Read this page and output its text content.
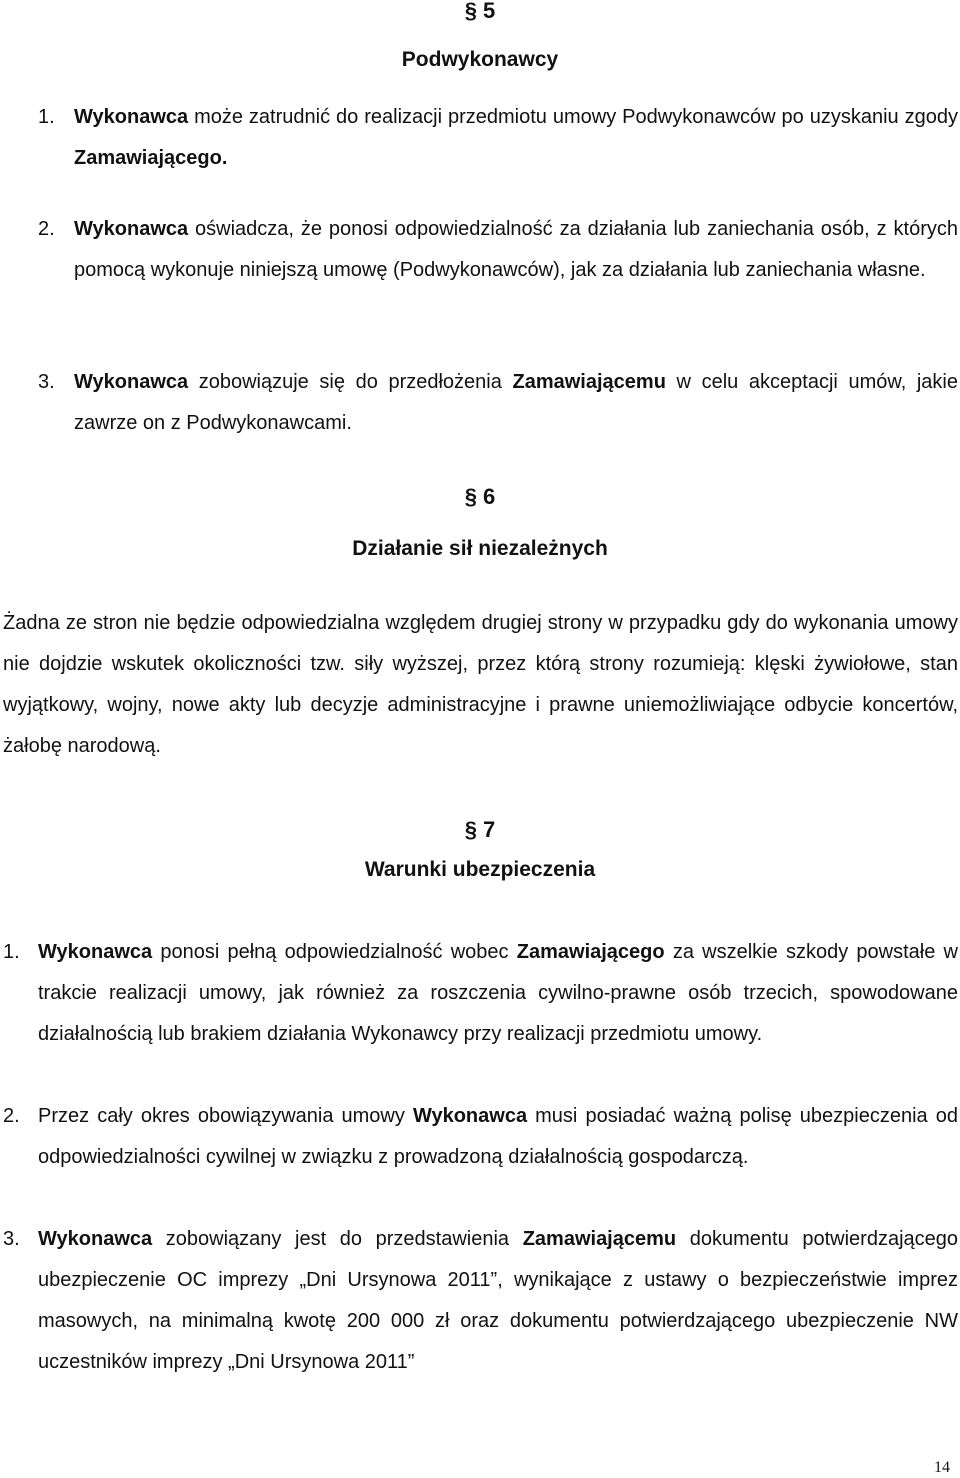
§ 5
Podwykonawcy
1. Wykonawca może zatrudnić do realizacji przedmiotu umowy Podwykonawców po uzyskaniu zgody Zamawiającego.
2. Wykonawca oświadcza, że ponosi odpowiedzialność za działania lub zaniechania osób, z których pomocą wykonuje niniejszą umowę (Podwykonawców), jak za działania lub zaniechania własne.
3. Wykonawca zobowiązuje się do przedłożenia Zamawiającemu w celu akceptacji umów, jakie zawrze on z Podwykonawcami.
§ 6
Działanie sił niezależnych
Żadna ze stron nie będzie odpowiedzialna względem drugiej strony w przypadku gdy do wykonania umowy nie dojdzie wskutek okoliczności tzw. siły wyższej, przez którą strony rozumieją: klęski żywiołowe, stan wyjątkowy, wojny, nowe akty lub decyzje administracyjne i prawne uniemożliwiające odbycie koncertów, żałobę narodową.
§ 7
Warunki ubezpieczenia
1. Wykonawca ponosi pełną odpowiedzialność wobec Zamawiającego za wszelkie szkody powstałe w trakcie realizacji umowy, jak również za roszczenia cywilno-prawne osób trzecich, spowodowane działalnością lub brakiem działania Wykonawcy przy realizacji przedmiotu umowy.
2. Przez cały okres obowiązywania umowy Wykonawca musi posiadać ważną polisę ubezpieczenia od odpowiedzialności cywilnej w związku z prowadzoną działalnością gospodarczą.
3. Wykonawca zobowiązany jest do przedstawienia Zamawiającemu dokumentu potwierdzającego ubezpieczenie OC imprezy „Dni Ursynowa 2011”, wynikające z ustawy o bezpieczeństwie imprez masowych, na minimalną kwotę 200 000 zł oraz dokumentu potwierdzającego ubezpieczenie NW uczestników imprezy „Dni Ursynowa 2011”
14
